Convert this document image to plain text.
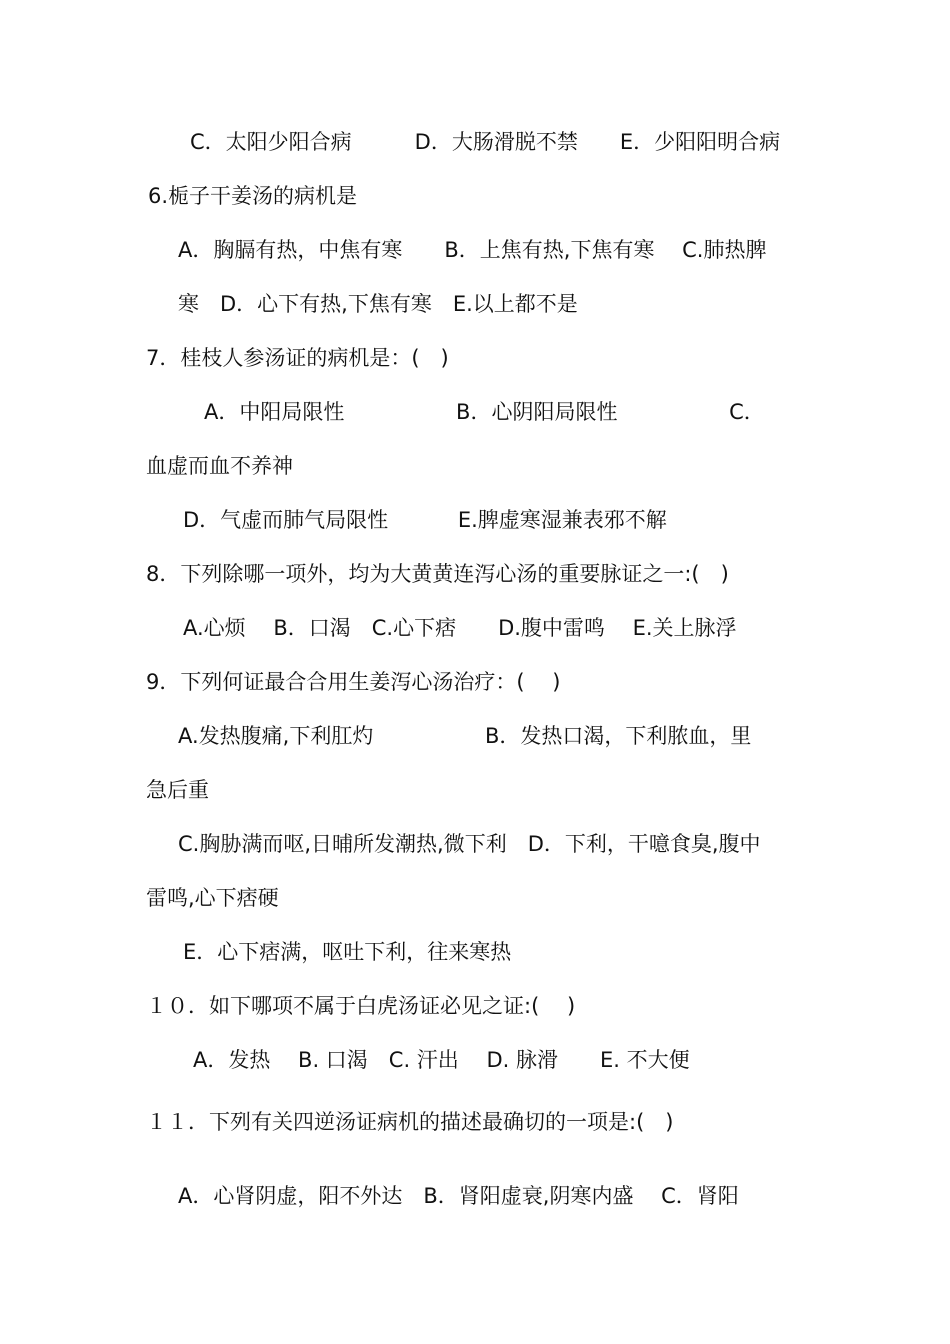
C．太阳少阳合病　　　D．大肠滑脱不禁　　E．少阳阳明合病
6.栀子干姜汤的病机是
A．胸膈有热，中焦有寒　　B．上焦有热,下焦有寒　 C.肺热脾
寒　D．心下有热,下焦有寒　E.以上都不是
7．桂枝人参汤证的病机是：(　)
A．中阳局限性　　　　　 B．心阴阳局限性　　　　　 C．
血虚而血不养神
D．气虚而肺气局限性　　　 E.脾虚寒湿兼表邪不解
8．下列除哪一项外，均为大黄黄连泻心汤的重要脉证之一:(　)
A.心烦　 B．口渴　C.心下痞　　D.腹中雷鸣　 E.关上脉浮
9．下列何证最合合用生姜泻心汤治疗：(　 )
A.发热腹痛,下利肛灼　　　　　 B．发热口渴，下利脓血，里
急后重
C.胸胁满而呕,日晡所发潮热,微下利　D．下利，干噫食臭,腹中
雷鸣,心下痞硬
E．心下痞满，呕吐下利，往来寒热
１０．如下哪项不属于白虎汤证必见之证:(　 )
A．发热　 B. 口渴　C. 汗出　 D. 脉滑　　E. 不大便
１１．下列有关四逆汤证病机的描述最确切的一项是:(　)
A．心肾阴虚，阳不外达　B．肾阳虚衰,阴寒内盛　 C．肾阳
